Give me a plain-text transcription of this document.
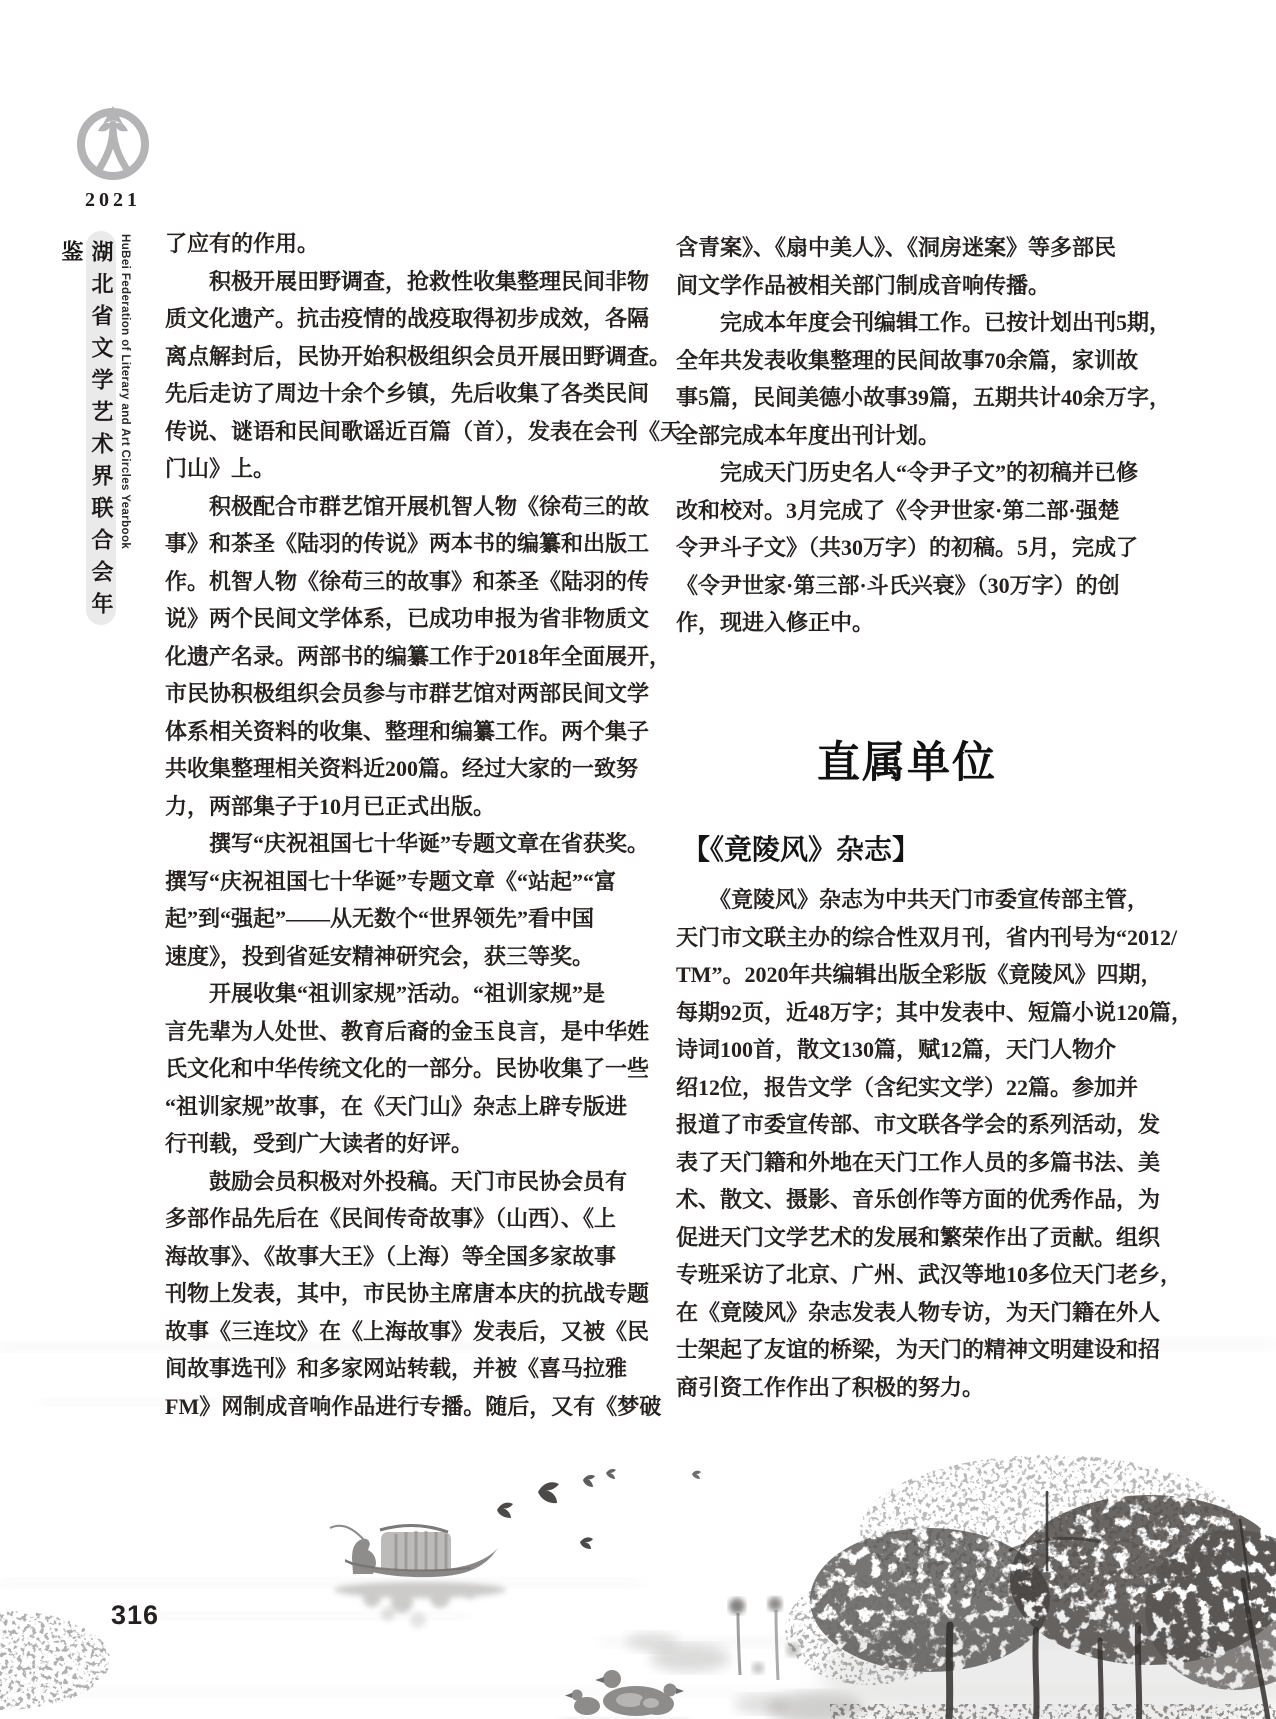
2021
湖北省文学艺术界联合会年鉴	HuBei Federation of Literary and Art Circles Yearbook 了应有的作用。
　　积极开展田野调查，抢救性收集整理民间非物
质文化遗产。抗击疫情的战疫取得初步成效，各隔
离点解封后，民协开始积极组织会员开展田野调查。
先后走访了周边十余个乡镇，先后收集了各类民间
传说、谜语和民间歌谣近百篇（首），发表在会刊《天
门山》上。
　　积极配合市群艺馆开展机智人物《徐苟三的故
事》和茶圣《陆羽的传说》两本书的编纂和出版工
作。机智人物《徐苟三的故事》和茶圣《陆羽的传
说》两个民间文学体系，已成功申报为省非物质文
化遗产名录。两部书的编纂工作于2018年全面展开，
市民协积极组织会员参与市群艺馆对两部民间文学
体系相关资料的收集、整理和编纂工作。两个集子
共收集整理相关资料近200篇。经过大家的一致努
力，两部集子于10月已正式出版。
　　撰写“庆祝祖国七十华诞”专题文章在省获奖。
撰写“庆祝祖国七十华诞”专题文章《“站起”“富
起”到“强起”——从无数个“世界领先”看中国
速度》，投到省延安精神研究会，获三等奖。
　　开展收集“祖训家规”活动。“祖训家规”是
言先辈为人处世、教育后裔的金玉良言，是中华姓
氏文化和中华传统文化的一部分。民协收集了一些
“祖训家规”故事，在《天门山》杂志上辟专版进
行刊载，受到广大读者的好评。
　　鼓励会员积极对外投稿。天门市民协会员有
多部作品先后在《民间传奇故事》（山西）、《上
海故事》、《故事大王》（上海）等全国多家故事
刊物上发表，其中，市民协主席唐本庆的抗战专题
故事《三连坟》在《上海故事》发表后，又被《民
间故事选刊》和多家网站转载，并被《喜马拉雅
FM》网制成音响作品进行专播。随后，又有《梦破
含青案》、《扇中美人》、《洞房迷案》等多部民
间文学作品被相关部门制成音响传播。
　　完成本年度会刊编辑工作。已按计划出刊5期，
全年共发表收集整理的民间故事70余篇，家训故
事5篇，民间美德小故事39篇，五期共计40余万字，
全部完成本年度出刊计划。
　　完成天门历史名人“令尹子文”的初稿并已修
改和校对。3月完成了《令尹世家·第二部·强楚
令尹斗子文》（共30万字）的初稿。5月，完成了
《令尹世家·第三部·斗氏兴衰》（30万字）的创
作，现进入修正中。
直属单位
【《竟陵风》杂志】
　　《竟陵风》杂志为中共天门市委宣传部主管，
天门市文联主办的综合性双月刊，省内刊号为“2012/
TM”。2020年共编辑出版全彩版《竟陵风》四期，
每期92页，近48万字；其中发表中、短篇小说120篇，
诗词100首，散文130篇，赋12篇，天门人物介
绍12位，报告文学（含纪实文学）22篇。参加并
报道了市委宣传部、市文联各学会的系列活动，发
表了天门籍和外地在天门工作人员的多篇书法、美
术、散文、摄影、音乐创作等方面的优秀作品，为
促进天门文学艺术的发展和繁荣作出了贡献。组织
专班采访了北京、广州、武汉等地10多位天门老乡，
在《竟陵风》杂志发表人物专访，为天门籍在外人
士架起了友谊的桥梁，为天门的精神文明建设和招
商引资工作作出了积极的努力。
316
